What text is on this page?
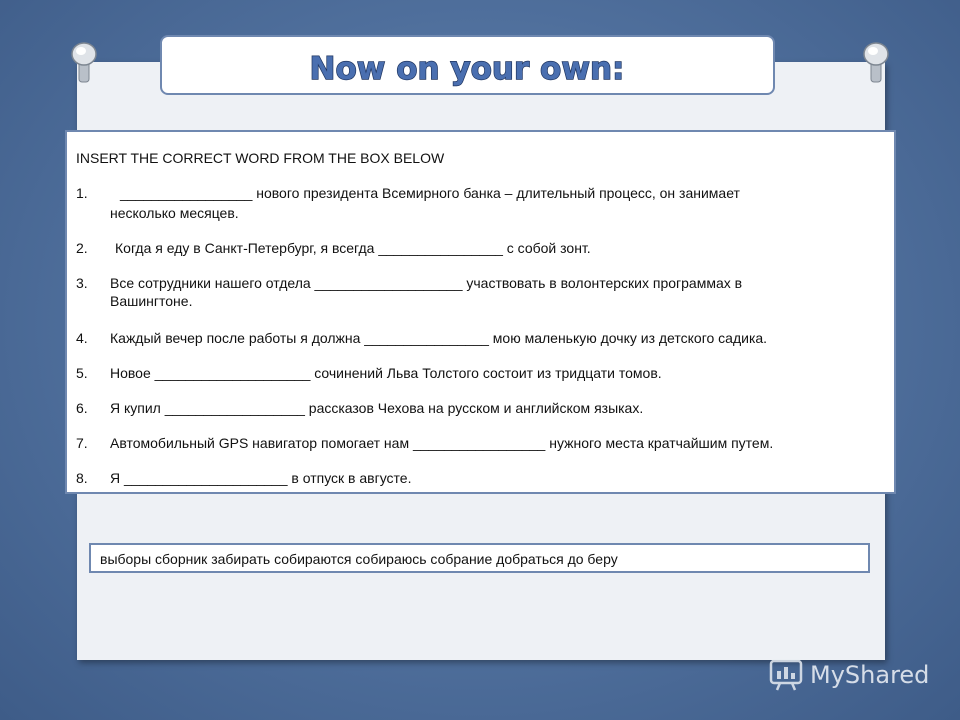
Now on your own:
INSERT THE CORRECT WORD FROM THE BOX BELOW
1. _________________ нового президента Всемирного банка – длительный процесс, он занимает
несколько месяцев.
2. Когда я еду в Санкт-Петербург, я всегда ________________ с собой зонт.
3. Все сотрудники нашего отдела ___________________ участвовать в волонтерских программах в
Вашингтоне.
4. Каждый вечер после работы я должна ________________ мою маленькую дочку из детского садика.
5. Новое ____________________ сочинений Льва Толстого состоит из тридцати томов.
6. Я купил __________________ рассказов Чехова на русском и английском языках.
7. Автомобильный GPS навигатор помогает нам _________________ нужного места кратчайшим путем.
8. Я _____________________ в отпуск в августе.
выборы сборник забирать собираются собираюсь собрание добраться до беру
MyShared
